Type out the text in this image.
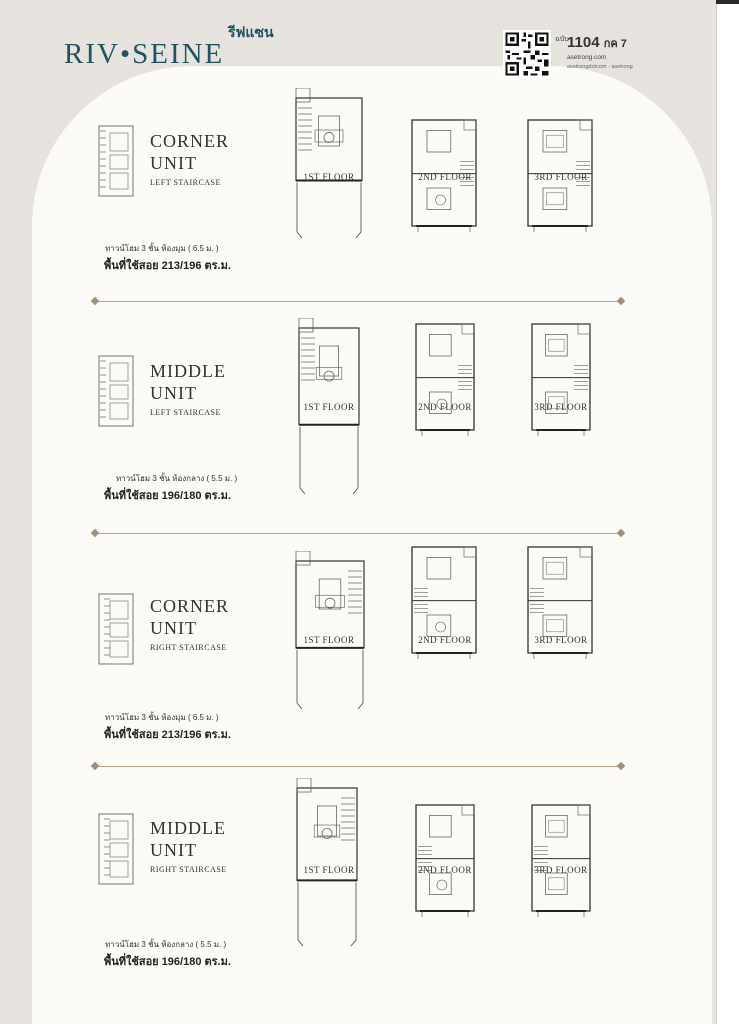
RIV•SEINE
รีฟแซน	ฉบับ
1104 กค 7
asetrong.com
asetrongdotcom · asetrong
CORNER
UNIT
LEFT STAIRCASE
ทาวน์โฮม 3 ชั้น ห้องมุม ( 6.5 ม. )
พื้นที่ใช้สอย 213/196 ตร.ม.
1ST FLOOR	2ND FLOOR	3RD FLOOR
MIDDLE
UNIT
LEFT STAIRCASE
ทาวน์โฮม 3 ชั้น ห้องกลาง ( 5.5 ม. )
พื้นที่ใช้สอย 196/180 ตร.ม.
1ST FLOOR	2ND FLOOR	3RD FLOOR
CORNER
UNIT
RIGHT STAIRCASE
ทาวน์โฮม 3 ชั้น ห้องมุม ( 6.5 ม. )
พื้นที่ใช้สอย 213/196 ตร.ม.
1ST FLOOR	2ND FLOOR	3RD FLOOR
MIDDLE
UNIT
RIGHT STAIRCASE
ทาวน์โฮม 3 ชั้น ห้องกลาง ( 5.5 ม. )
พื้นที่ใช้สอย 196/180 ตร.ม.
1ST FLOOR	2ND FLOOR	3RD FLOOR
